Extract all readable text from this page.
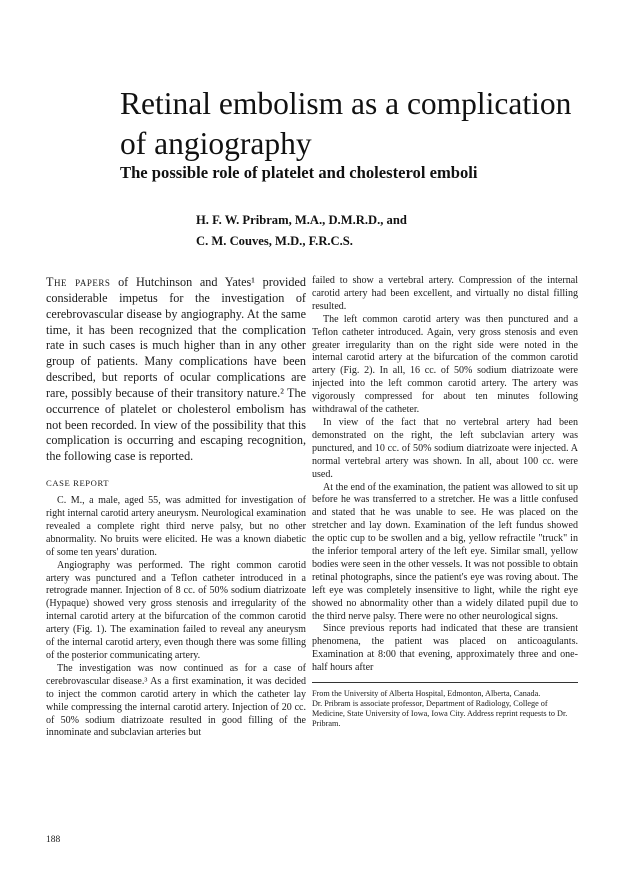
Retinal embolism as a complication of angiography
The possible role of platelet and cholesterol emboli

H. F. W. Pribram, M.A., D.M.R.D., and

C. M. Couves, M.D., F.R.C.S.

The papers of Hutchinson and Yates¹ provided considerable impetus for the investigation of cerebrovascular disease by angiography. At the same time, it has been recognized that the complication rate in such cases is much higher than in any other group of patients. Many complications have been described, but reports of ocular complications are rare, possibly because of their transitory nature.² The occurrence of platelet or cholesterol embolism has not been recorded. In view of the possibility that this complication is occurring and escaping recognition, the following case is reported.

CASE REPORT

C. M., a male, aged 55, was admitted for investigation of right internal carotid artery aneurysm. Neurological examination revealed a complete right third nerve palsy, but no other abnormality. No bruits were elicited. He was a known diabetic of some ten years' duration.

Angiography was performed. The right common carotid artery was punctured and a Teflon catheter introduced in a retrograde manner. Injection of 8 cc. of 50% sodium diatrizoate (Hypaque) showed very gross stenosis and irregularity of the internal carotid artery at the bifurcation of the common carotid artery (Fig. 1). The examination failed to reveal any aneurysm of the internal carotid artery, even though there was some filling of the posterior communicating artery.

The investigation was now continued as for a case of cerebrovascular disease.³ As a first examination, it was decided to inject the common carotid artery in which the catheter lay while compressing the internal carotid artery. Injection of 20 cc. of 50% sodium diatrizoate resulted in good filling of the innominate and subclavian arteries but

failed to show a vertebral artery. Compression of the internal carotid artery had been excellent, and virtually no distal filling resulted.

The left common carotid artery was then punctured and a Teflon catheter introduced. Again, very gross stenosis and even greater irregularity than on the right side were noted in the internal carotid artery at the bifurcation of the common carotid artery (Fig. 2). In all, 16 cc. of 50% sodium diatrizoate were injected into the left common carotid artery. The artery was vigorously compressed for about ten minutes following withdrawal of the catheter.

In view of the fact that no vertebral artery had been demonstrated on the right, the left subclavian artery was punctured, and 10 cc. of 50% sodium diatrizoate were injected. A normal vertebral artery was shown. In all, about 100 cc. were used.

At the end of the examination, the patient was allowed to sit up before he was transferred to a stretcher. He was a little confused and stated that he was unable to see. He was placed on the stretcher and lay down. Examination of the left fundus showed the optic cup to be swollen and a big, yellow refractile "truck" in the inferior temporal artery of the left eye. Similar small, yellow bodies were seen in the other vessels. It was not possible to obtain retinal photographs, since the patient's eye was roving about. The left eye was completely insensitive to light, while the right eye showed no abnormality other than a widely dilated pupil due to the third nerve palsy. There were no other neurological signs.

Since previous reports had indicated that these are transient phenomena, the patient was placed on anticoagulants. Examination at 8:00 that evening, approximately three and one-half hours after

From the University of Alberta Hospital, Edmonton, Alberta, Canada.

Dr. Pribram is associate professor, Department of Radiology, College of Medicine, State University of Iowa, Iowa City. Address reprint requests to Dr. Pribram.

188
